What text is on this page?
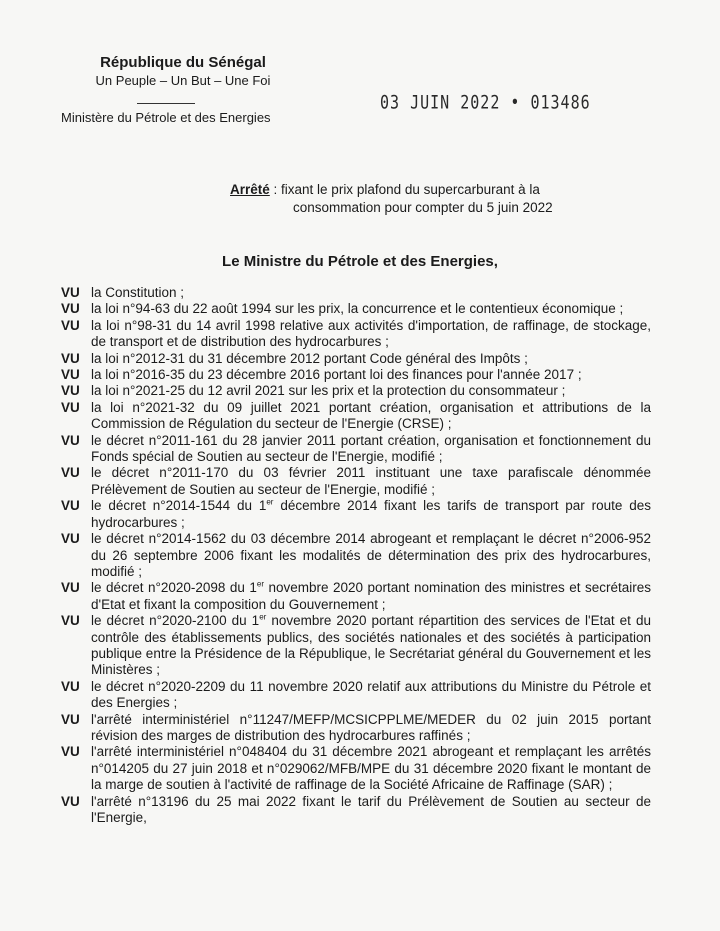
République du Sénégal
Un Peuple – Un But – Une Foi
Ministère du Pétrole et des Energies
03 JUIN 2022 • 013486
Arrêté : fixant le prix plafond du supercarburant à la
consommation pour compter du 5 juin 2022
Le Ministre du Pétrole et des Energies,
VU la Constitution ;
VU la loi n°94-63 du 22 août 1994 sur les prix, la concurrence et le contentieux économique ;
VU la loi n°98-31 du 14 avril 1998 relative aux activités d'importation, de raffinage, de stockage, de transport et de distribution des hydrocarbures ;
VU la loi n°2012-31 du 31 décembre 2012 portant Code général des Impôts ;
VU la loi n°2016-35 du 23 décembre 2016 portant loi des finances pour l'année 2017 ;
VU la loi n°2021-25 du 12 avril 2021 sur les prix et la protection du consommateur ;
VU la loi n°2021-32 du 09 juillet 2021 portant création, organisation et attributions de la Commission de Régulation du secteur de l'Energie (CRSE) ;
VU le décret n°2011-161 du 28 janvier 2011 portant création, organisation et fonctionnement du Fonds spécial de Soutien au secteur de l'Energie, modifié ;
VU le décret n°2011-170 du 03 février 2011 instituant une taxe parafiscale dénommée Prélèvement de Soutien au secteur de l'Energie, modifié ;
VU le décret n°2014-1544 du 1er décembre 2014 fixant les tarifs de transport par route des hydrocarbures ;
VU le décret n°2014-1562 du 03 décembre 2014 abrogeant et remplaçant le décret n°2006-952 du 26 septembre 2006 fixant les modalités de détermination des prix des hydrocarbures, modifié ;
VU le décret n°2020-2098 du 1er novembre 2020 portant nomination des ministres et secrétaires d'Etat et fixant la composition du Gouvernement ;
VU le décret n°2020-2100 du 1er novembre 2020 portant répartition des services de l'Etat et du contrôle des établissements publics, des sociétés nationales et des sociétés à participation publique entre la Présidence de la République, le Secrétariat général du Gouvernement et les Ministères ;
VU le décret n°2020-2209 du 11 novembre 2020 relatif aux attributions du Ministre du Pétrole et des Energies ;
VU l'arrêté interministériel n°11247/MEFP/MCSICPPLME/MEDER du 02 juin 2015 portant révision des marges de distribution des hydrocarbures raffinés ;
VU l'arrêté interministériel n°048404 du 31 décembre 2021 abrogeant et remplaçant les arrêtés n°014205 du 27 juin 2018 et n°029062/MFB/MPE du 31 décembre 2020 fixant le montant de la marge de soutien à l'activité de raffinage de la Société Africaine de Raffinage (SAR) ;
VU l'arrêté n°13196 du 25 mai 2022 fixant le tarif du Prélèvement de Soutien au secteur de l'Energie,
